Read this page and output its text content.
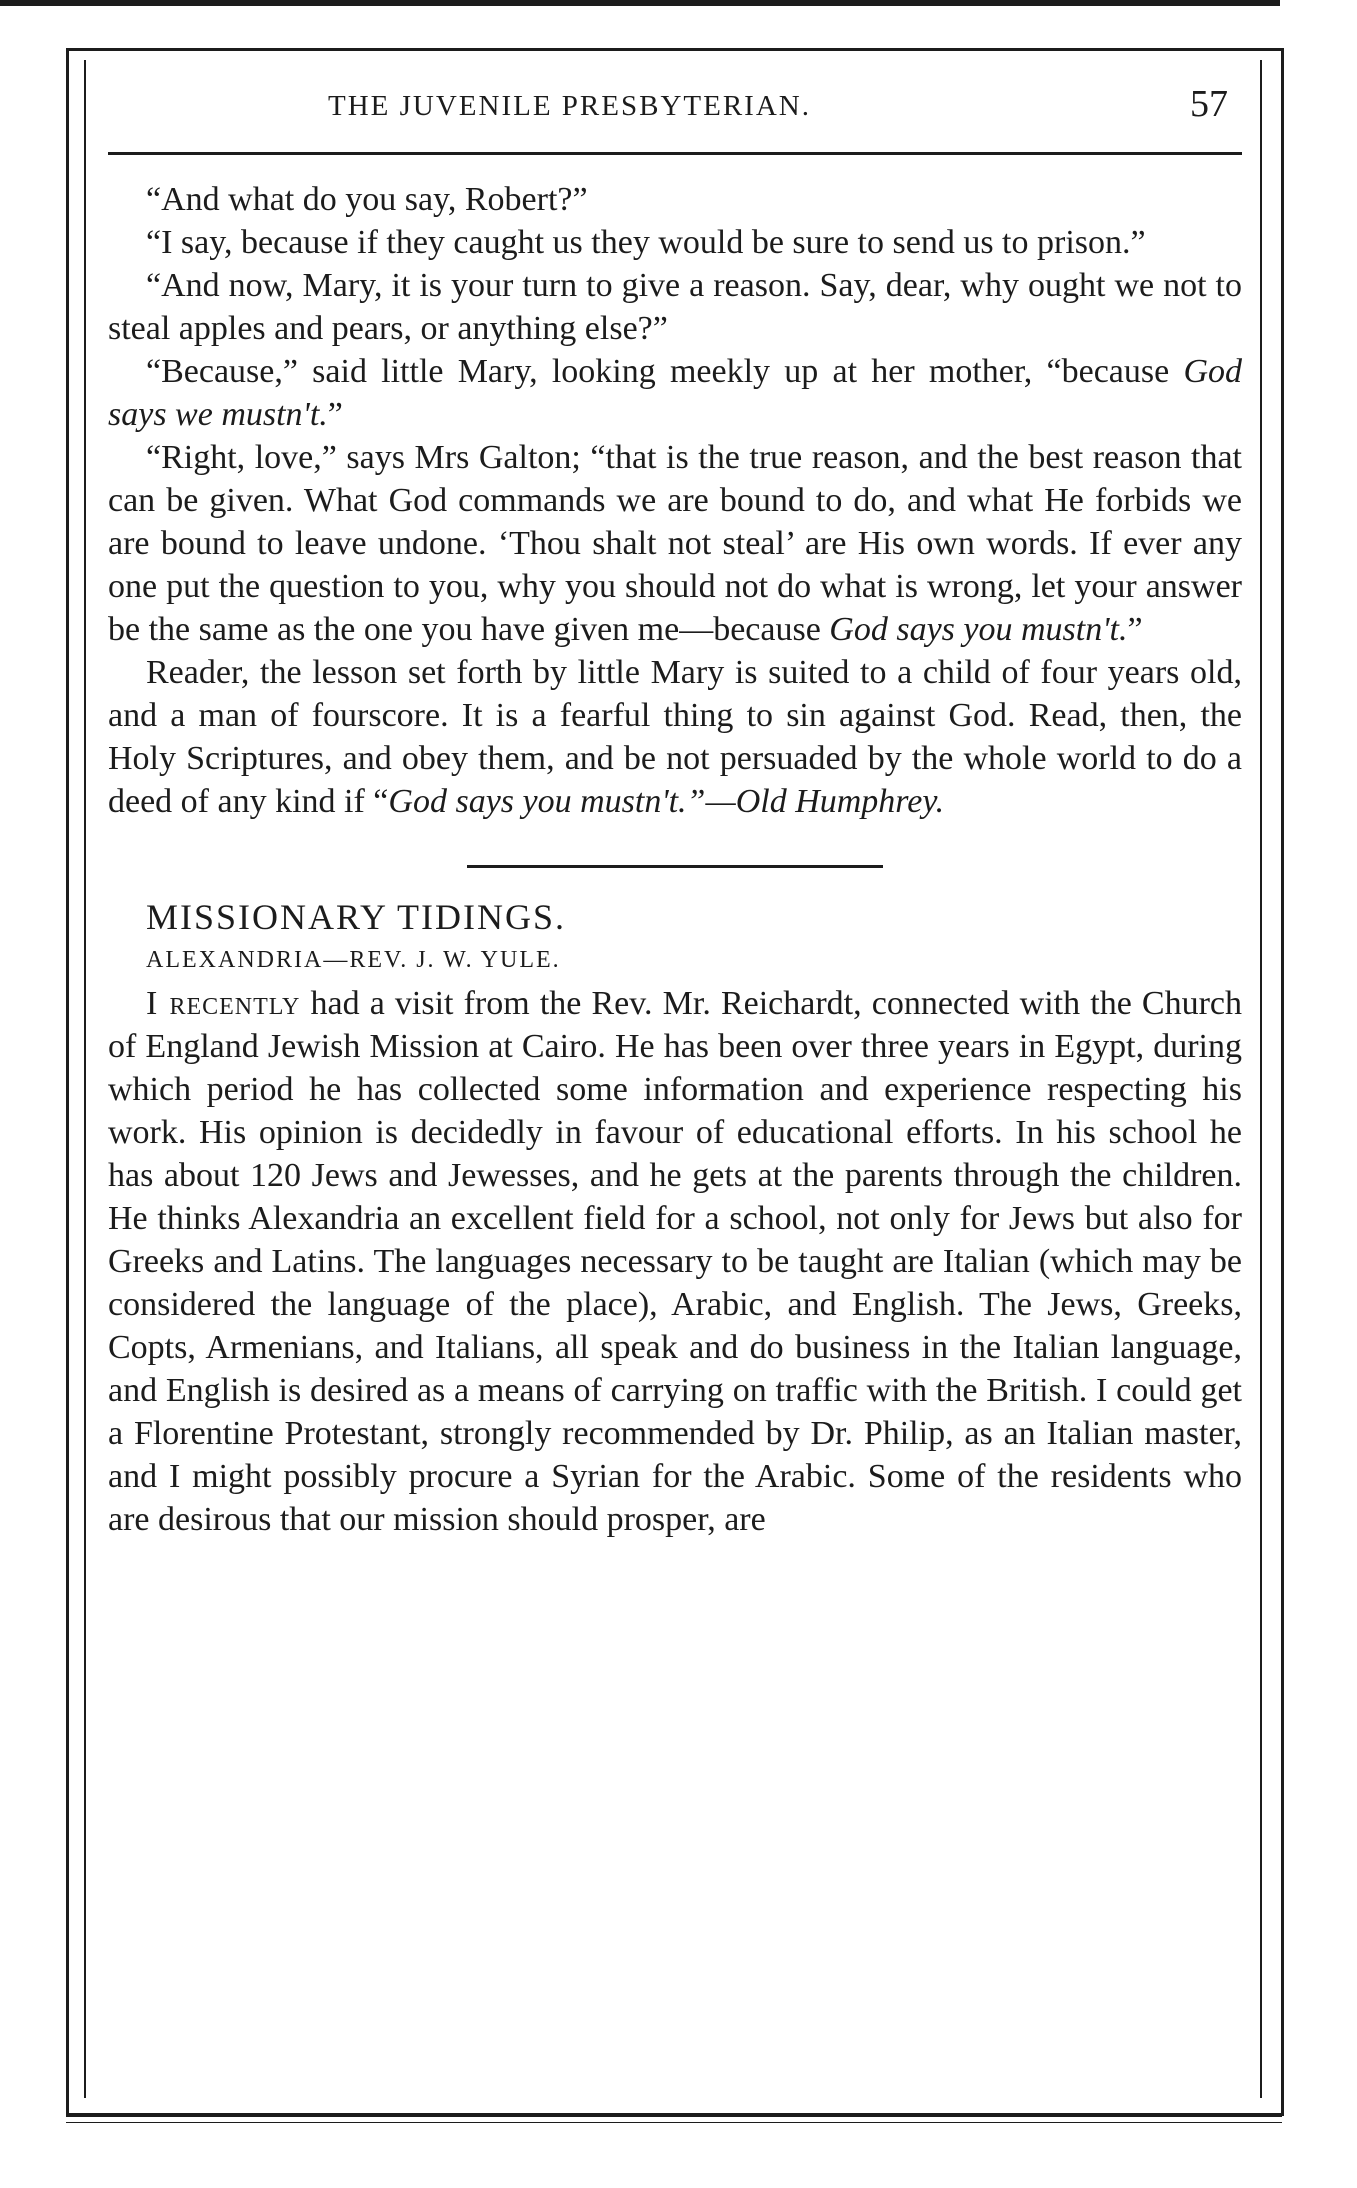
THE JUVENILE PRESBYTERIAN.	57

“And what do you say, Robert?”

“I say, because if they caught us they would be sure to send us to prison.”

“And now, Mary, it is your turn to give a reason. Say, dear, why ought we not to steal apples and pears, or anything else?”

“Because,” said little Mary, looking meekly up at her mother, “because God says we mustn't.”

“Right, love,” says Mrs Galton; “that is the true reason, and the best reason that can be given. What God commands we are bound to do, and what He forbids we are bound to leave undone. ‘Thou shalt not steal’ are His own words. If ever any one put the question to you, why you should not do what is wrong, let your answer be the same as the one you have given me—because God says you mustn't.”

Reader, the lesson set forth by little Mary is suited to a child of four years old, and a man of fourscore. It is a fearful thing to sin against God. Read, then, the Holy Scriptures, and obey them, and be not persuaded by the whole world to do a deed of any kind if “God says you mustn't.”—Old Humphrey.

MISSIONARY TIDINGS.

ALEXANDRIA—REV. J. W. YULE.

I recently had a visit from the Rev. Mr. Reichardt, connected with the Church of England Jewish Mission at Cairo. He has been over three years in Egypt, during which period he has collected some information and experience respecting his work. His opinion is decidedly in favour of educational efforts. In his school he has about 120 Jews and Jewesses, and he gets at the parents through the children. He thinks Alexandria an excellent field for a school, not only for Jews but also for Greeks and Latins. The languages necessary to be taught are Italian (which may be considered the language of the place), Arabic, and English. The Jews, Greeks, Copts, Armenians, and Italians, all speak and do business in the Italian language, and English is desired as a means of carrying on traffic with the British. I could get a Florentine Protestant, strongly recommended by Dr. Philip, as an Italian master, and I might possibly procure a Syrian for the Arabic. Some of the residents who are desirous that our mission should prosper, are
